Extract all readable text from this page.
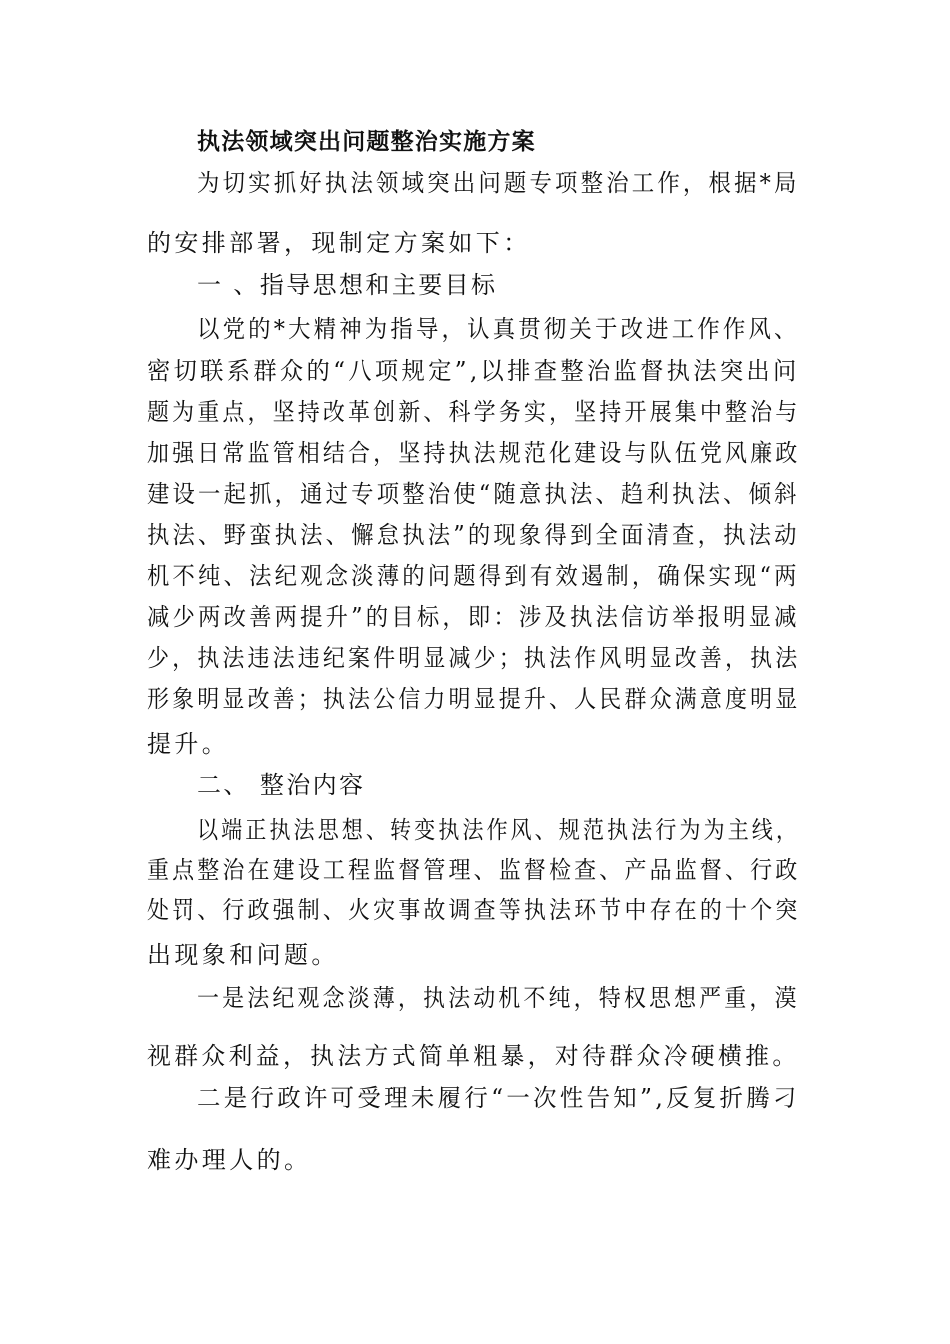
执法领域突出问题整治实施方案
为切实抓好执法领域突出问题专项整治工作，根据*局
的安排部署，现制定方案如下：
一 、指导思想和主要目标
以党的*大精神为指导，认真贯彻关于改进工作作风、
密切联系群众的“八项规定”,以排查整治监督执法突出问
题为重点，坚持改革创新、科学务实，坚持开展集中整治与
加强日常监管相结合，坚持执法规范化建设与队伍党风廉政
建设一起抓，通过专项整治使“随意执法、趋利执法、倾斜
执法、野蛮执法、懈怠执法”的现象得到全面清查，执法动
机不纯、法纪观念淡薄的问题得到有效遏制，确保实现“两
减少两改善两提升”的目标，即：涉及执法信访举报明显减
少，执法违法违纪案件明显减少；执法作风明显改善，执法
形象明显改善；执法公信力明显提升、人民群众满意度明显
提升。
二、 整治内容
以端正执法思想、转变执法作风、规范执法行为为主线，
重点整治在建设工程监督管理、监督检查、产品监督、行政
处罚、行政强制、火灾事故调查等执法环节中存在的十个突
出现象和问题。
一是法纪观念淡薄，执法动机不纯，特权思想严重，漠
视群众利益，执法方式简单粗暴，对待群众冷硬横推。
二是行政许可受理未履行“一次性告知”,反复折腾刁
难办理人的。
